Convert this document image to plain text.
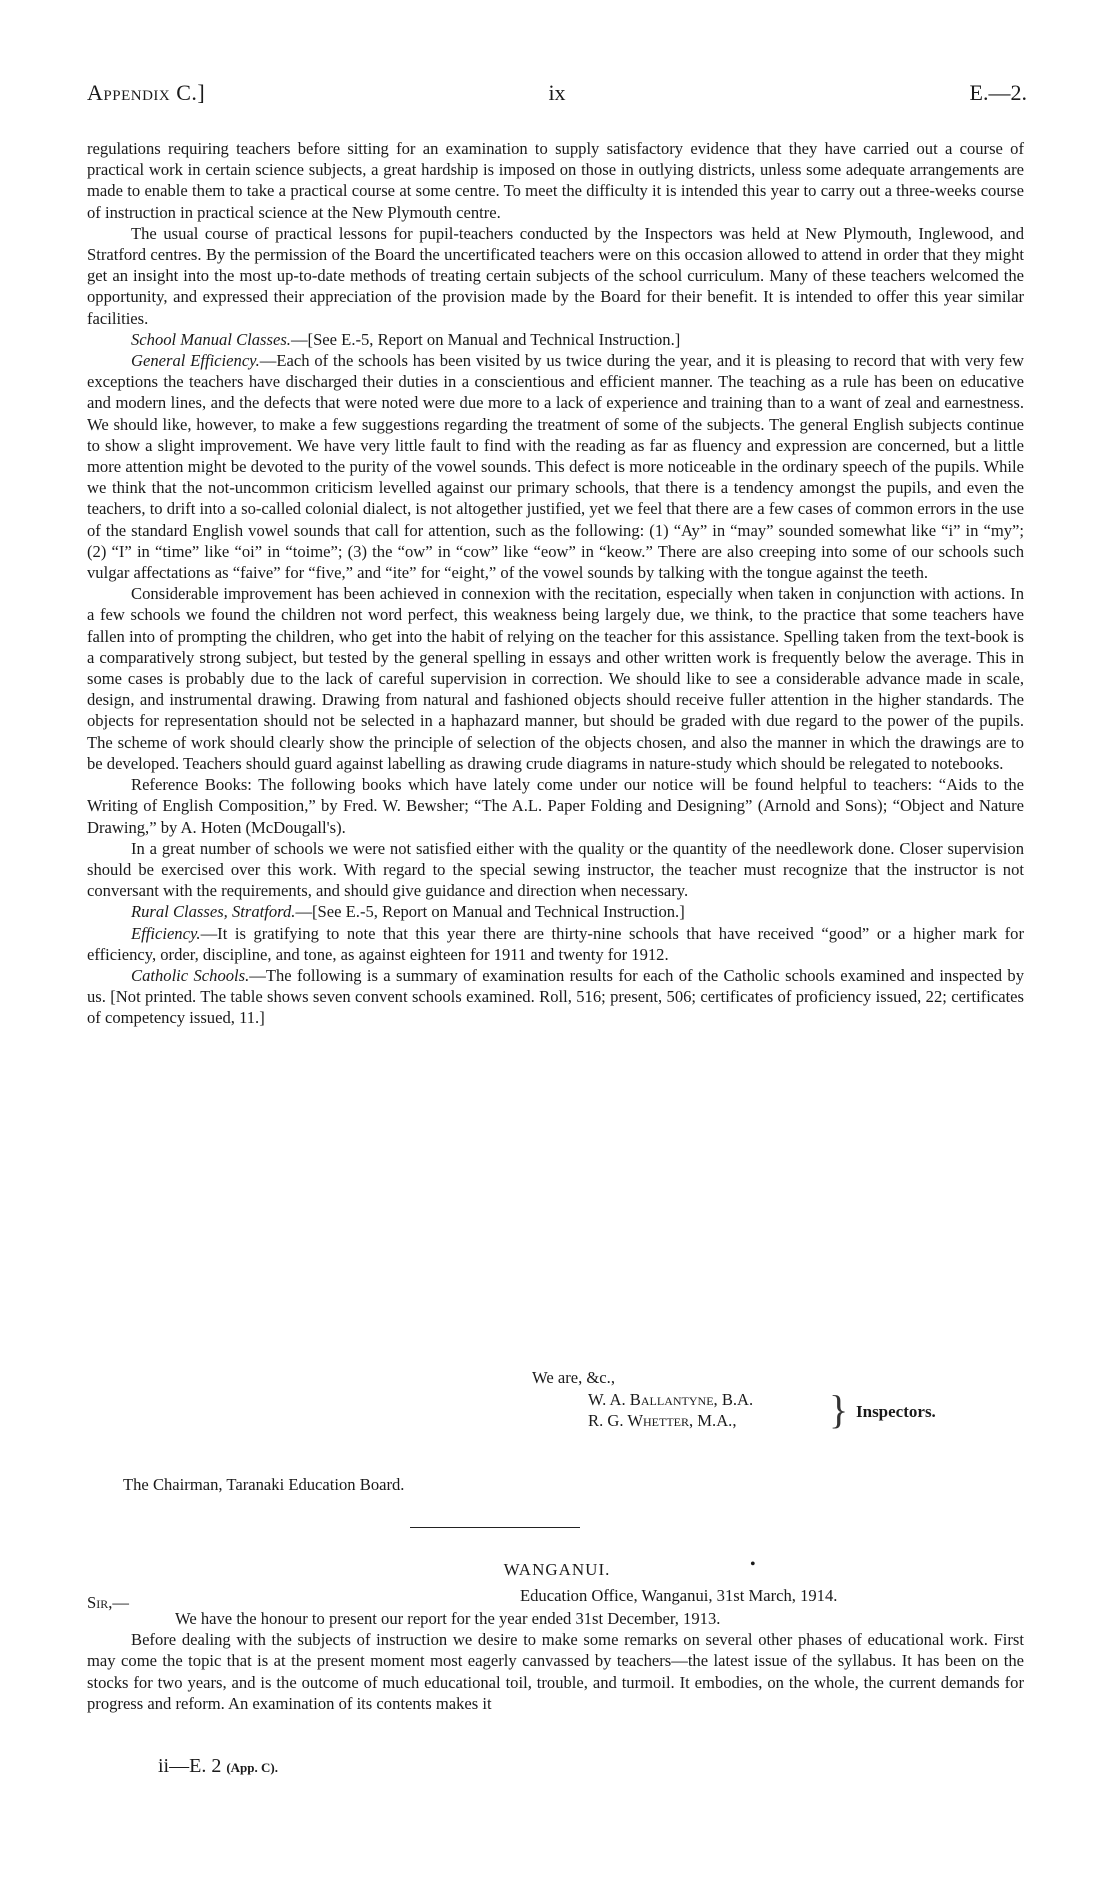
Appendix C.]	ix	E.—2.

regulations requiring teachers before sitting for an examination to supply satisfactory evidence that they have carried out a course of practical work in certain science subjects, a great hardship is imposed on those in outlying districts, unless some adequate arrangements are made to enable them to take a practical course at some centre. To meet the difficulty it is intended this year to carry out a three-weeks course of instruction in practical science at the New Plymouth centre.

The usual course of practical lessons for pupil-teachers conducted by the Inspectors was held at New Plymouth, Inglewood, and Stratford centres. By the permission of the Board the uncertificated teachers were on this occasion allowed to attend in order that they might get an insight into the most up-to-date methods of treating certain subjects of the school curriculum. Many of these teachers welcomed the opportunity, and expressed their appreciation of the provision made by the Board for their benefit. It is intended to offer this year similar facilities.

School Manual Classes.—[See E.-5, Report on Manual and Technical Instruction.]

General Efficiency.—Each of the schools has been visited by us twice during the year, and it is pleasing to record that with very few exceptions the teachers have discharged their duties in a conscientious and efficient manner. The teaching as a rule has been on educative and modern lines, and the defects that were noted were due more to a lack of experience and training than to a want of zeal and earnestness. We should like, however, to make a few suggestions regarding the treatment of some of the subjects. The general English subjects continue to show a slight improvement. We have very little fault to find with the reading as far as fluency and expression are concerned, but a little more attention might be devoted to the purity of the vowel sounds. This defect is more noticeable in the ordinary speech of the pupils. While we think that the not-uncommon criticism levelled against our primary schools, that there is a tendency amongst the pupils, and even the teachers, to drift into a so-called colonial dialect, is not altogether justified, yet we feel that there are a few cases of common errors in the use of the standard English vowel sounds that call for attention, such as the following: (1) “Ay” in “may” sounded somewhat like “i” in “my”; (2) “I” in “time” like “oi” in “toime”; (3) the “ow” in “cow” like “eow” in “keow.” There are also creeping into some of our schools such vulgar affectations as “faive” for “five,” and “ite” for “eight,” of the vowel sounds by talking with the tongue against the teeth.

Considerable improvement has been achieved in connexion with the recitation, especially when taken in conjunction with actions. In a few schools we found the children not word perfect, this weakness being largely due, we think, to the practice that some teachers have fallen into of prompting the children, who get into the habit of relying on the teacher for this assistance. Spelling taken from the text-book is a comparatively strong subject, but tested by the general spelling in essays and other written work is frequently below the average. This in some cases is probably due to the lack of careful supervision in correction. We should like to see a considerable advance made in scale, design, and instrumental drawing. Drawing from natural and fashioned objects should receive fuller attention in the higher standards. The objects for representation should not be selected in a haphazard manner, but should be graded with due regard to the power of the pupils. The scheme of work should clearly show the principle of selection of the objects chosen, and also the manner in which the drawings are to be developed. Teachers should guard against labelling as drawing crude diagrams in nature-study which should be relegated to notebooks.

Reference Books: The following books which have lately come under our notice will be found helpful to teachers: “Aids to the Writing of English Composition,” by Fred. W. Bewsher; “The A.L. Paper Folding and Designing” (Arnold and Sons); “Object and Nature Drawing,” by A. Hoten (McDougall's).

In a great number of schools we were not satisfied either with the quality or the quantity of the needlework done. Closer supervision should be exercised over this work. With regard to the special sewing instructor, the teacher must recognize that the instructor is not conversant with the requirements, and should give guidance and direction when necessary.

Rural Classes, Stratford.—[See E.-5, Report on Manual and Technical Instruction.]

Efficiency.—It is gratifying to note that this year there are thirty-nine schools that have received “good” or a higher mark for efficiency, order, discipline, and tone, as against eighteen for 1911 and twenty for 1912.

Catholic Schools.—The following is a summary of examination results for each of the Catholic schools examined and inspected by us. [Not printed. The table shows seven convent schools examined. Roll, 516; present, 506; certificates of proficiency issued, 22; certificates of competency issued, 11.]

We are, &c.,
W. A. Ballantyne, B.A.
R. G. Whetter, M.A., } Inspectors.
The Chairman, Taranaki Education Board.
WANGANUI.	•
Sir,—	Education Office, Wanganui, 31st March, 1914.

We have the honour to present our report for the year ended 31st December, 1913.

Before dealing with the subjects of instruction we desire to make some remarks on several other phases of educational work. First may come the topic that is at the present moment most eagerly canvassed by teachers—the latest issue of the syllabus. It has been on the stocks for two years, and is the outcome of much educational toil, trouble, and turmoil. It embodies, on the whole, the current demands for progress and reform. An examination of its contents makes it

ii—E. 2 (App. C).
